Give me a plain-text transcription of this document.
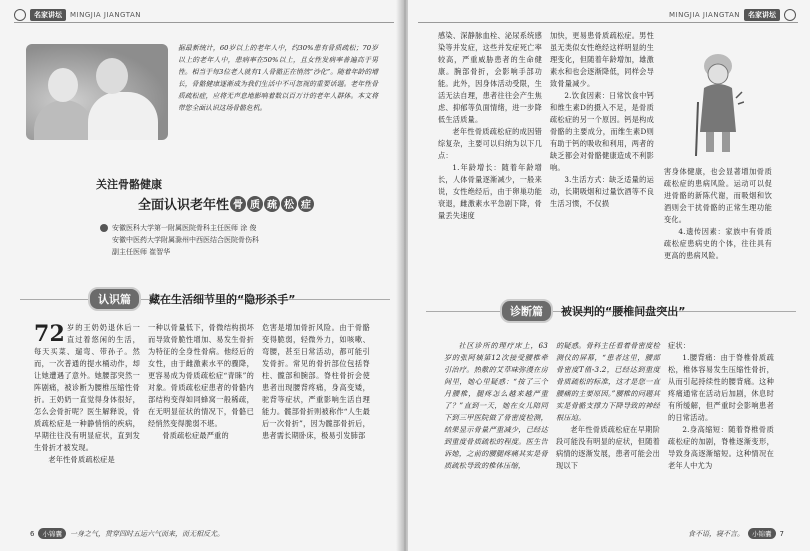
名家讲坛	MINGJIA JIANGTAN
据最新统计，60岁以上的老年人中，约30%患有骨质疏松；70岁以上的老年人中，患病率在50%以上，且女性发病率普遍高于男性。相当于每3位老人就有1人骨骼正在悄然“沙化”。随着年龄的增长，骨骼健康逐渐成为我们生活中不可忽视的重要话题。老年性骨质疏松症，应将无声息地影响着数以百万计的老年人群体。本文将带您全面认识这场骨骼危机。
关注骨骼健康
全面认识老年性 骨 质 疏 松 症
安徽医科大学第一附属医院骨科主任医师 涂 俊
安徽中医药大学附属滁州中西医结合医院骨伤科
副主任医师 崔智华
认识篇	藏在生活细节里的“隐形杀手”
72 岁的王奶奶退休后一直过着悠闲的生活，每天买菜、遛弯、带孙子。然而，一次普通的提水桶动作，却让她遭遇了意外。她腰部突然一阵剧痛，被诊断为腰椎压缩性骨折。王奶奶一直觉得身体很好，怎么会骨折呢？医生解释说，骨质疏松症是一种静悄悄的疾病，早期往往没有明显症状，直到发生骨折才被发现。

老年性骨质疏松症是

一种以骨量低下，骨微结构损坏而导致骨脆性增加、易发生骨折为特征的全身性骨病。他经后的女性，由于雌激素水平的骤降，更容易成为骨质疏松症“青睐”的对象。骨质疏松症患者的骨骼内部结构变得如同蜂窝一般稀疏，在无明显征状的情况下，骨骼已经悄然变得脆弱不堪。

骨质疏松症最严重的

危害是增加骨折风险。由于骨骼变得脆弱，轻微外力，如咳嗽、弯腰，甚至日常活动，都可能引发骨折。常见的骨折部位包括脊柱、髋部和腕部。脊柱骨折会使患者出现腰背疼痛，身高变矮，驼背等症状，严重影响生活自理能力。髋部骨折则被称作“人生最后一次骨折”，因为髋部骨折后，患者需长期卧床，极易引发肺部

6	小锦囊	一身之气，贯穿四时五运六气而来，而无相反尤。
MINGJIA JIANGTAN	名家讲坛

感染、深静脉血栓、泌尿系统感染等并发症，这些并发症死亡率较高，严重威胁患者的生命健康。腕部骨折，会影响手部功能。此外，因身体活动受限，生活无法自理，患者往往会产生焦虑、抑郁等负面情绪，进一步降低生活质量。

老年性骨质疏松症的成因错综复杂，主要可以归纳为以下几点：

1.年龄增长：随着年龄增长，人体骨量逐渐减少，一般来说，女性绝经后，由于卵巢功能衰退，雌激素水平急剧下降，骨量丢失速度

加快，更易患骨质疏松症。男性虽无类似女性绝经这样明显的生理变化，但随着年龄增加，雄激素水和也会逐渐降低，同样会导致骨量减少。

2.饮食因素：日常饮食中钙和维生素D的摄入不足，是骨质疏松症的另一个原因。钙是构成骨骼的主要成分，而维生素D则有助于钙的吸收和利用，两者的缺乏都会对骨骼健康造成不利影响。

3.生活方式：缺乏适量的运动，长期吸烟和过量饮酒等不良生活习惯，不仅损

害身体健康，也会显著增加骨质疏松症的患病风险。运动可以促进骨骼的新陈代谢，而吸烟和饮酒则会干扰骨骼的正常生理功能变化。

4.遗传因素：家族中有骨质疏松症患病史的个体，往往具有更高的患病风险。

诊断篇	被误判的“腰椎间盘突出”

社区诊所的理疗床上，63岁的张阿姨第12次接受腰椎牵引治疗。热敷的艾草味弥漫在房间里，她心里疑惑：“按了三个月腰椎，腿疼怎么越来越严重了？”直到一天，她在女儿陪同下到三甲医院做了骨密度检测，结果显示骨量严重减少，已经达到重度骨质疏松的程度。医生告诉她，之前的腰腿疼痛其实是骨质疏松导致的椎体压缩，

的疑惑。骨科主任看着骨密度检测仪的屏幕，“患者这里，腰部骨密度T值-3.2，已经达到重度骨质疏松的标准，这才是您一直腰痛的主要原因。”腰椎的问题其实是骨骼支撑力下降导致的神经根压迫。

老年性骨质疏松症在早期阶段可能没有明显的症状，但随着病情的逐渐发展，患者可能会出现以下

症状：

1.腰背痛：由于脊椎骨质疏松，椎体容易发生压缩性骨折，从而引起持续性的腰背痛。这种疼痛通常在活动后加剧，休息时有所缓解，但严重时会影响患者的日常活动。

2.身高缩短：随着脊椎骨质疏松症的加剧，脊椎逐渐变形，导致身高逐渐缩短。这种情况在老年人中尤为

食不语，寝不言。	小锦囊	7
